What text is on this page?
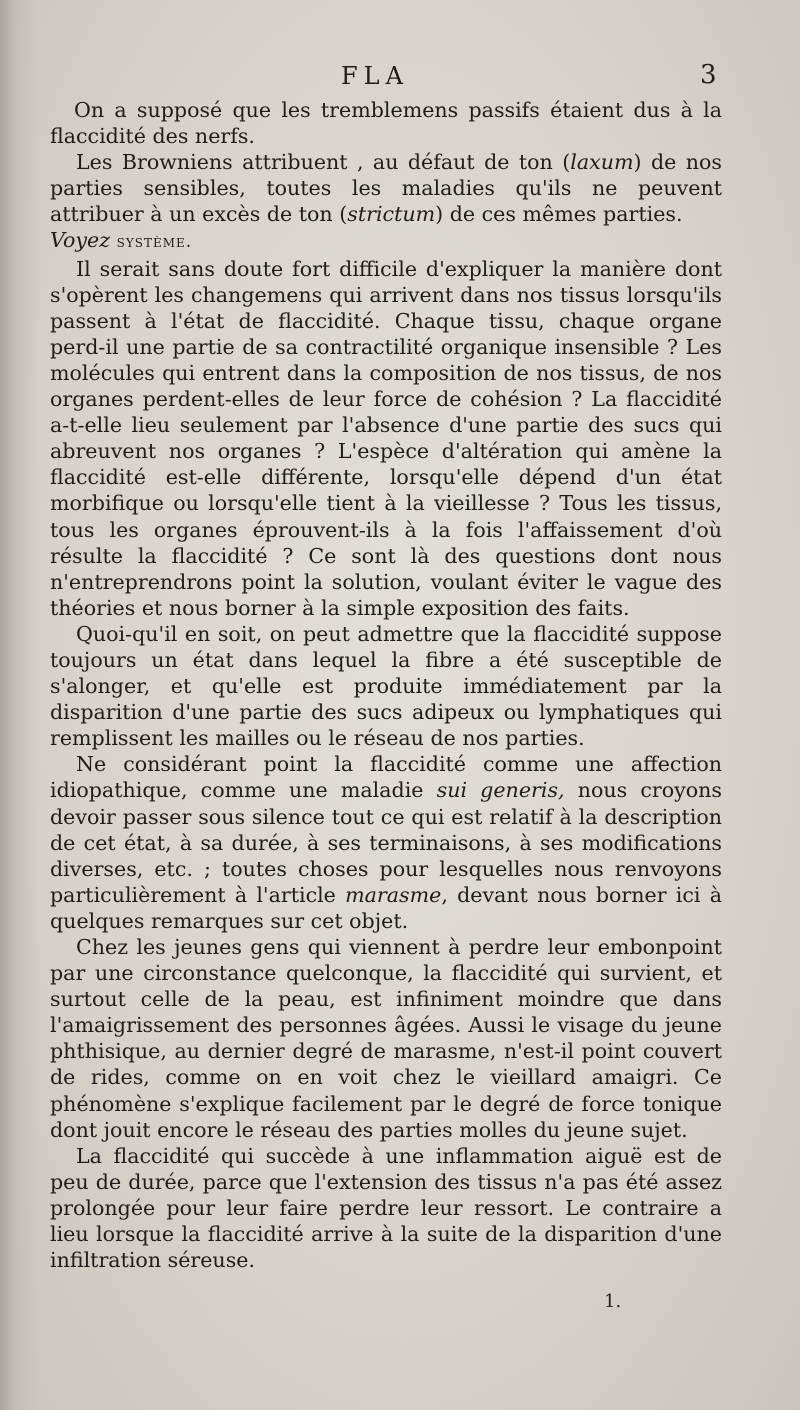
FLA	3

On a supposé que les tremblemens passifs étaient dus à la flaccidité des nerfs.

Les Browniens attribuent , au défaut de ton (laxum) de nos parties sensibles, toutes les maladies qu'ils ne peuvent attribuer à un excès de ton (strictum) de ces mêmes parties.
Voyez système.

Il serait sans doute fort difficile d'expliquer la manière dont s'opèrent les changemens qui arrivent dans nos tissus lorsqu'ils passent à l'état de flaccidité. Chaque tissu, chaque organe perd-il une partie de sa contractilité organique insensible ? Les molécules qui entrent dans la composition de nos tissus, de nos organes perdent-elles de leur force de cohésion ? La flaccidité a-t-elle lieu seulement par l'absence d'une partie des sucs qui abreuvent nos organes ? L'espèce d'altération qui amène la flaccidité est-elle différente, lorsqu'elle dépend d'un état morbifique ou lorsqu'elle tient à la vieillesse ? Tous les tissus, tous les organes éprouvent-ils à la fois l'affaissement d'où résulte la flaccidité ? Ce sont là des questions dont nous n'entreprendrons point la solution, voulant éviter le vague des théories et nous borner à la simple exposition des faits.

Quoi-qu'il en soit, on peut admettre que la flaccidité suppose toujours un état dans lequel la fibre a été susceptible de s'alonger, et qu'elle est produite immédiatement par la disparition d'une partie des sucs adipeux ou lymphatiques qui remplissent les mailles ou le réseau de nos parties.

Ne considérant point la flaccidité comme une affection idiopathique, comme une maladie sui generis, nous croyons devoir passer sous silence tout ce qui est relatif à la description de cet état, à sa durée, à ses terminaisons, à ses modifications diverses, etc. ; toutes choses pour lesquelles nous renvoyons particulièrement à l'article marasme, devant nous borner ici à quelques remarques sur cet objet.

Chez les jeunes gens qui viennent à perdre leur embonpoint par une circonstance quelconque, la flaccidité qui survient, et surtout celle de la peau, est infiniment moindre que dans l'amaigrissement des personnes âgées. Aussi le visage du jeune phthisique, au dernier degré de marasme, n'est-il point couvert de rides, comme on en voit chez le vieillard amaigri. Ce phénomène s'explique facilement par le degré de force tonique dont jouit encore le réseau des parties molles du jeune sujet.

La flaccidité qui succède à une inflammation aiguë est de peu de durée, parce que l'extension des tissus n'a pas été assez prolongée pour leur faire perdre leur ressort. Le contraire a lieu lorsque la flaccidité arrive à la suite de la disparition d'une infiltration séreuse.

1.
